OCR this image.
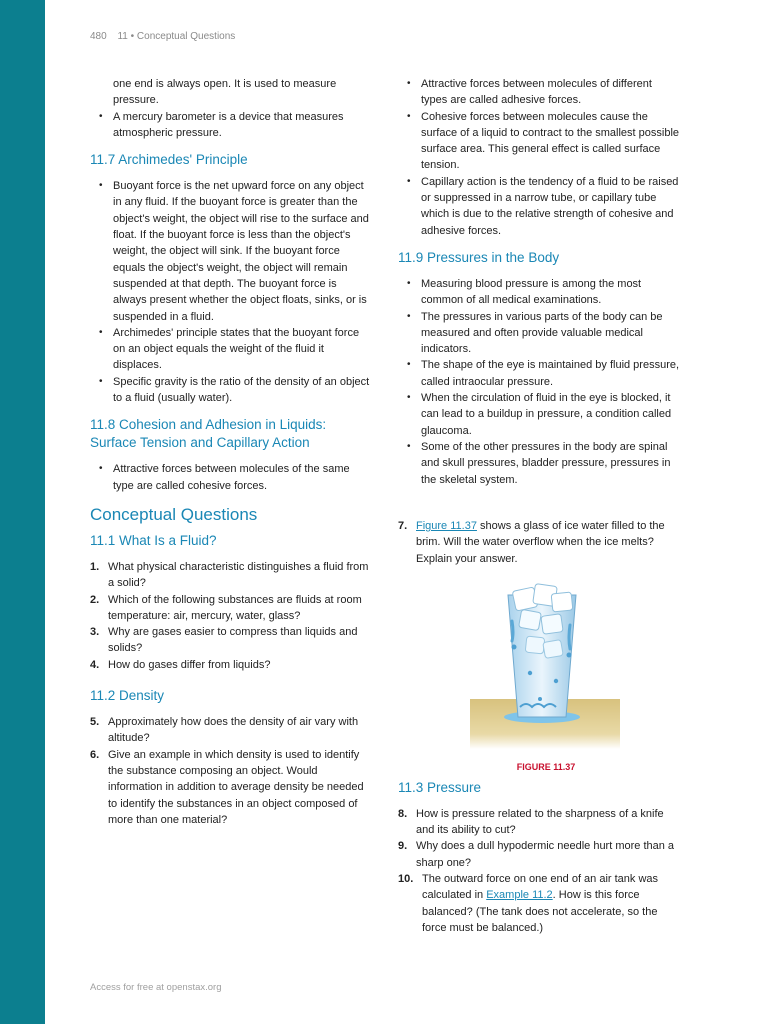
480 11 • Conceptual Questions
one end is always open. It is used to measure pressure.
• A mercury barometer is a device that measures atmospheric pressure.
11.7 Archimedes' Principle
• Buoyant force is the net upward force on any object in any fluid. If the buoyant force is greater than the object's weight, the object will rise to the surface and float. If the buoyant force is less than the object's weight, the object will sink. If the buoyant force equals the object's weight, the object will remain suspended at that depth. The buoyant force is always present whether the object floats, sinks, or is suspended in a fluid.
• Archimedes' principle states that the buoyant force on an object equals the weight of the fluid it displaces.
• Specific gravity is the ratio of the density of an object to a fluid (usually water).
11.8 Cohesion and Adhesion in Liquids:
Surface Tension and Capillary Action
• Attractive forces between molecules of the same type are called cohesive forces.
Conceptual Questions
11.1 What Is a Fluid?
1. What physical characteristic distinguishes a fluid from a solid?
2. Which of the following substances are fluids at room temperature: air, mercury, water, glass?
3. Why are gases easier to compress than liquids and solids?
4. How do gases differ from liquids?
11.2 Density
5. Approximately how does the density of air vary with altitude?
6. Give an example in which density is used to identify the substance composing an object. Would information in addition to average density be needed to identify the substances in an object composed of more than one material?
• Attractive forces between molecules of different types are called adhesive forces.
• Cohesive forces between molecules cause the surface of a liquid to contract to the smallest possible surface area. This general effect is called surface tension.
• Capillary action is the tendency of a fluid to be raised or suppressed in a narrow tube, or capillary tube which is due to the relative strength of cohesive and adhesive forces.
11.9 Pressures in the Body
• Measuring blood pressure is among the most common of all medical examinations.
• The pressures in various parts of the body can be measured and often provide valuable medical indicators.
• The shape of the eye is maintained by fluid pressure, called intraocular pressure.
• When the circulation of fluid in the eye is blocked, it can lead to a buildup in pressure, a condition called glaucoma.
• Some of the other pressures in the body are spinal and skull pressures, bladder pressure, pressures in the skeletal system.
7. Figure 11.37 shows a glass of ice water filled to the brim. Will the water overflow when the ice melts? Explain your answer.
FIGURE 11.37
11.3 Pressure
8. How is pressure related to the sharpness of a knife and its ability to cut?
9. Why does a dull hypodermic needle hurt more than a sharp one?
10. The outward force on one end of an air tank was calculated in Example 11.2. How is this force balanced? (The tank does not accelerate, so the force must be balanced.)
Access for free at openstax.org
